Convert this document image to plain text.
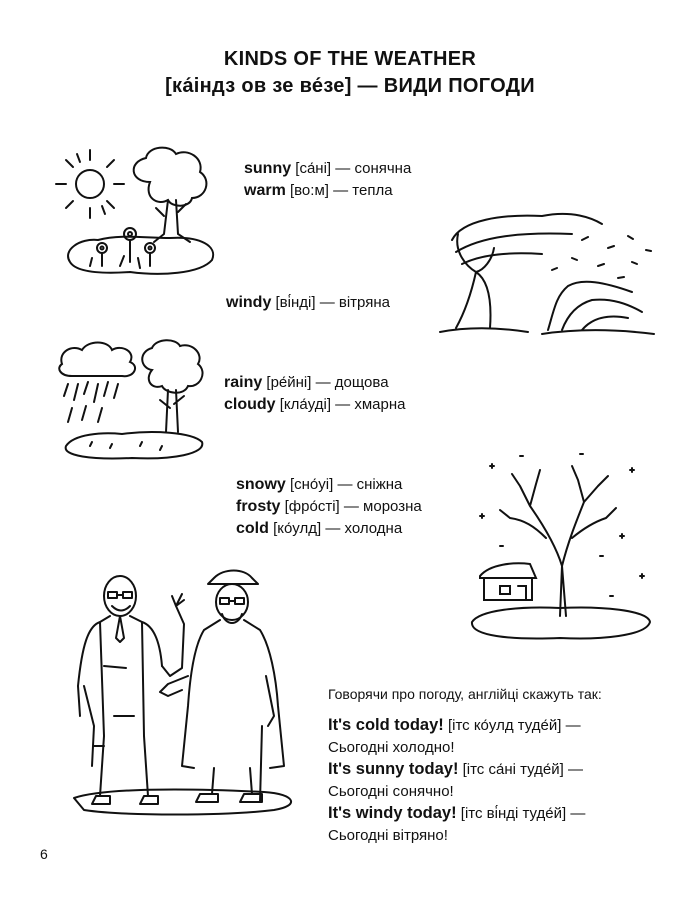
KINDS OF THE WEATHER
[ка́індз ов зе ве́зе] — ВИДИ ПОГОДИ
sunny [са́ні] — сонячна
warm [во:м] — тепла
windy [ві́нді] — вітряна
rainy [ре́йні] — дощова
cloudy [кла́уді] — хмарна
snowy [сно́уі] — сніжна
frosty [фро́сті] — морозна
cold [ко́улд] — холодна
Говорячи про погоду, англійці скажуть так:
It's cold today! [ітс ко́улд туде́й] —
Сьогодні холодно!
It's sunny today! [ітс са́ні туде́й] —
Сьогодні сонячно!
It's windy today! [ітс ві́нді туде́й] —
Сьогодні вітряно!
6
